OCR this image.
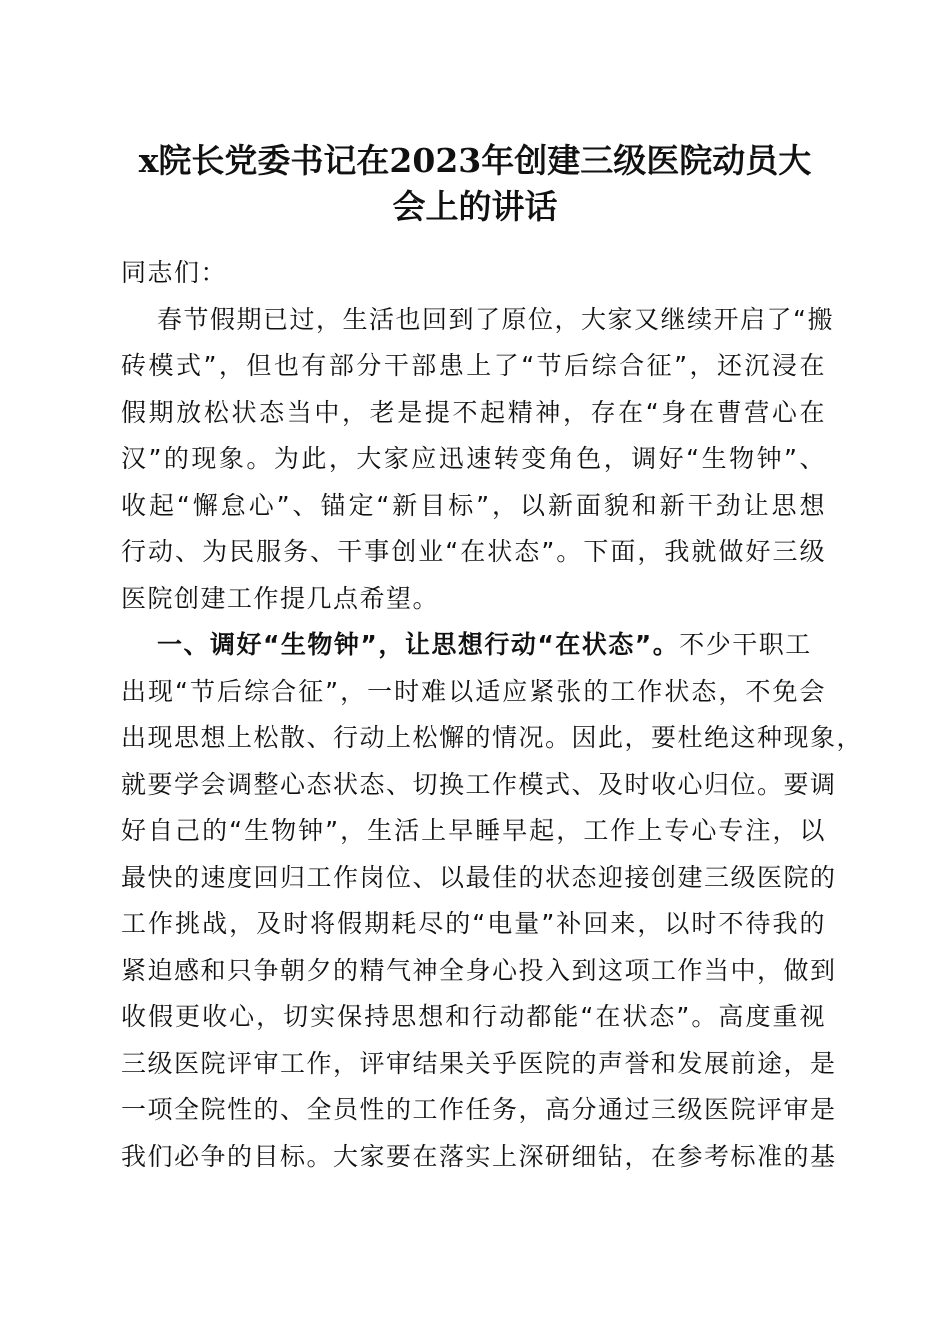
x院长党委书记在2023年创建三级医院动员大
会上的讲话
同志们：
春节假期已过，生活也回到了原位，大家又继续开启了“搬
砖模式”，但也有部分干部患上了“节后综合征”，还沉浸在
假期放松状态当中，老是提不起精神，存在“身在曹营心在
汉”的现象。为此，大家应迅速转变角色，调好“生物钟”、
收起“懈怠心”、锚定“新目标”，以新面貌和新干劲让思想
行动、为民服务、干事创业“在状态”。下面，我就做好三级
医院创建工作提几点希望。
一、调好“生物钟”，让思想行动“在状态”。不少干职工
出现“节后综合征”，一时难以适应紧张的工作状态，不免会
出现思想上松散、行动上松懈的情况。因此，要杜绝这种现象，
就要学会调整心态状态、切换工作模式、及时收心归位。要调
好自己的“生物钟”，生活上早睡早起，工作上专心专注，以
最快的速度回归工作岗位、以最佳的状态迎接创建三级医院的
工作挑战，及时将假期耗尽的“电量”补回来，以时不待我的
紧迫感和只争朝夕的精气神全身心投入到这项工作当中，做到
收假更收心，切实保持思想和行动都能“在状态”。高度重视
三级医院评审工作，评审结果关乎医院的声誉和发展前途，是
一项全院性的、全员性的工作任务，高分通过三级医院评审是
我们必争的目标。大家要在落实上深研细钻，在参考标准的基
